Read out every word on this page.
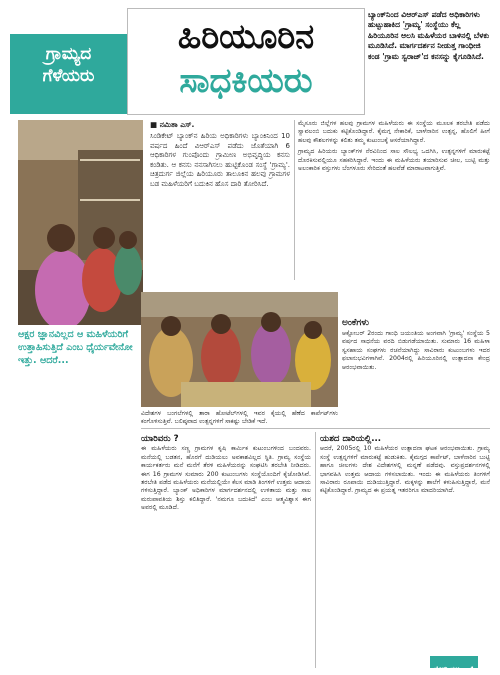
ಗ್ರಾಮ್ಯದ ಗೆಳೆಯರು
ಹಿರಿಯೂರಿನ
ಸಾಧಕಿಯರು
ಬ್ಯಾಂಕ್‌ನಿಂದ ವಿಆರ್‌ಎಸ್ ಪಡೆದ ಅಧಿಕಾರಿಗಳು ಹುಟ್ಟುಹಾಕಿದ 'ಗ್ರಾಮ್ಯ' ಸಂಸ್ಥೆಯು ಕೆಲ್ಲ ಹಿರಿಯೂರಿನ ಆಲಸಿ ಮಹಿಳೆಯರ ಬಾಳಿನಲ್ಲಿ ಬೆಳಕು ಮೂಡಿಸಿದೆ. ಮಾರ್ಗದರ್ಶನ ನೀಡುತ್ತ ಗಾಂಧೀಜಿ ಕಂಡ 'ಗ್ರಾಮ ಸ್ವರಾಜ್'ದ ಕನಸನ್ನು ಕೈಗೂಡಿಸಿದೆ.
■ ನಮಿತಾ ಎಸ್.

ಸಿಂಡಿಕೇಟ್ ಬ್ಯಾಂಕ್‌ನ ಹಿರಿಯ ಅಧಿಕಾರಿಗಳು ಬ್ಯಾಂಕಿನಿಂದ 10 ವರ್ಷದ ಹಿಂದೆ ವಿಆರ್‌ಎಸ್ ಪಡೆದು ಜೊತೆಯಾಗಿ 6 ಆಧಿಕಾರಿಗಳ ಗುಂಪೊಂದು ಗ್ರಾಮೀಣ ಅಭಿವೃದ್ಧಿಯ ಕನಸು ಕಂಡಿತು. ಆ ಕನಸು ನನಸಾಗಿಸಲು ಹುಟ್ಟಿಕೊಂಡ ಸಂಸ್ಥೆ 'ಗ್ರಾಮ್ಯ'. ಚಿತ್ರದುರ್ಗ ಜಿಲ್ಲೆಯ ಹಿರಿಯೂರು ತಾಲೂಕಿನ ಹಲವು ಗ್ರಾಮಗಳ ಬಡ ಮಹಿಳೆಯರಿಗೆ ಬದುಕಿನ ಹೊಸ ದಾರಿ ತೋರಿಸಿದೆ.

ಮೈಸೂರು ಜಿಲ್ಲೆಗಳ ಹಲವು ಗ್ರಾಮಗಳ ಮಹಿಳೆಯರು ಈ ಸಂಸ್ಥೆಯ ಮೂಲಕ ತರಬೇತಿ ಪಡೆದು ಸ್ವಾವಲಂಬಿ ಬದುಕು ಕಟ್ಟಿಕೊಂಡಿದ್ದಾರೆ. ಕೈಮಗ್ಗ ನೇಕಾರಿಕೆ, ಬಾಳೆನಾರಿನ ಉತ್ಪನ್ನ, ಹೊಲಿಗೆ ಹೀಗೆ ಹಲವು ಕೌಶಲಗಳನ್ನು ಕಲಿತು ತಮ್ಮ ಕುಟುಂಬಕ್ಕೆ ಆಸರೆಯಾಗಿದ್ದಾರೆ.

ಗ್ರಾಮ್ಯದ ಹಿರಿಯರು ಬ್ಯಾಂಕ್‌ಗಳ ನೆರವಿನಿಂದ ಸಾಲ ಸೌಲಭ್ಯ ಒದಗಿಸಿ, ಉತ್ಪನ್ನಗಳಿಗೆ ಮಾರುಕಟ್ಟೆ ದೊರಕಿಸುವಲ್ಲಿಯೂ ಸಹಕರಿಸಿದ್ದಾರೆ. ಇಂದು ಈ ಮಹಿಳೆಯರು ತಯಾರಿಸುವ ಚೀಲ, ಬುಟ್ಟಿ ಮತ್ತು ಅಲಂಕಾರಿಕ ವಸ್ತುಗಳು ಬೆಂಗಳೂರು ಸೇರಿದಂತೆ ಹಲವೆಡೆ ಮಾರಾಟವಾಗುತ್ತಿವೆ.

ಆಕ್ಷರ ಜ್ಞಾನವಿಲ್ಲದ ಆ ಮಹಿಳೆಯರಿಗೆ ಉತ್ತಾಹಿಸುತ್ತಿದೆ ಎಂಬ ಧೈರ್ಯವೇನೋ ಇತ್ತು. ಆದರೆ...
ಅಂಕೆಗಳು
ಆಕ್ಟೋಬರ್ 2ರಂದು ಗಾಂಧಿ ಜಯಂತಿಯ ಅಂಗವಾಗಿ 'ಗ್ರಾಮ್ಯ' ಸಂಸ್ಥೆಯ 5 ವರ್ಷದ ಸಾಧನೆಯ ವರದಿ ಬಿಡುಗಡೆಯಾಯಿತು. ಸುಮಾರು 16 ಮಹಿಳಾ ಸ್ವಸಹಾಯ ಸಂಘಗಳು ರಚನೆಯಾಗಿದ್ದು ಸಾವಿರಾರು ಕುಟುಂಬಗಳು ಇದರ ಫಲಾನುಭವಿಗಳಾಗಿವೆ. 2004ರಲ್ಲಿ ಹಿರಿಯೂರಿನಲ್ಲಿ ಉತ್ಪಾದನಾ ಕೇಂದ್ರ ಆರಂಭವಾಯಿತು.
ವಿದೇಶಗಳ ಬಂಗಲೆಗಳಲ್ಲಿ ತಾರಾ ಹೋಟೆಲ್‌ಗಳಲ್ಲಿ ಇವರ ಕೈಯಲ್ಲಿ ಹೆಣೆದ ಕಾರ್ಪೆಟ್‌ಗಳು ಕಂಗೊಳಿಸುತ್ತಿವೆ. ಬಲಿಷ್ಠವಾದ ಉತ್ಪನ್ನಗಳಿಗೆ ಸಾಕಷ್ಟು ಬೇಡಿಕೆ ಇದೆ.
ಯಾರಿವರು ?

ಈ ಮಹಿಳೆಯರು ಸಣ್ಣ ಗ್ರಾಮಗಳ ಕೃಷಿ ಕಾರ್ಮಿಕ ಕುಟುಂಬಗಳಿಂದ ಬಂದವರು. ಮನೆಯಲ್ಲಿ ಬಡತನ, ಹೊರಗೆ ದುಡಿಯಲು ಅವಕಾಶವಿಲ್ಲದ ಸ್ಥಿತಿ. ಗ್ರಾಮ್ಯ ಸಂಸ್ಥೆಯ ಕಾರ್ಯಕರ್ತರು ಮನೆ ಮನೆಗೆ ತೆರಳಿ ಮಹಿಳೆಯರನ್ನು ಸಂಘಟಿಸಿ ತರಬೇತಿ ನೀಡಿದರು. ಈಗ 16 ಗ್ರಾಮಗಳ ಸುಮಾರು 200 ಕುಟುಂಬಗಳು ಸಂಸ್ಥೆಯೊಂದಿಗೆ ಕೈಜೋಡಿಸಿವೆ. ತರಬೇತಿ ಪಡೆದ ಮಹಿಳೆಯರು ಮನೆಯಲ್ಲಿಯೇ ಕೆಲಸ ಮಾಡಿ ತಿಂಗಳಿಗೆ ಉತ್ತಮ ಆದಾಯ ಗಳಿಸುತ್ತಿದ್ದಾರೆ. ಬ್ಯಾಂಕ್ ಅಧಿಕಾರಿಗಳ ಮಾರ್ಗದರ್ಶನದಲ್ಲಿ ಉಳಿತಾಯ ಮತ್ತು ಸಾಲ ಮರುಪಾವತಿಯ ಶಿಸ್ತು ಕಲಿತಿದ್ದಾರೆ. 'ನಮಗೂ ಬದುಕಿದೆ' ಎಂಬ ಆತ್ಮವಿಶ್ವಾಸ ಈಗ ಅವರಲ್ಲಿ ಮೂಡಿದೆ.

ಯಶದ ದಾರಿಯಲ್ಲಿ...

ಆದರೆ, 2005ರಲ್ಲಿ 10 ಮಹಿಳೆಯರ ಉತ್ಪಾದನಾ ಘಟಕ ಆರಂಭವಾಯಿತು. ಗ್ರಾಮ್ಯ ಸಂಸ್ಥೆ ಉತ್ಪನ್ನಗಳಿಗೆ ಮಾರುಕಟ್ಟೆ ಹುಡುಕಿತು. ಕೈಮಗ್ಗದ ಕಾರ್ಪೆಟ್, ಬಾಳೆನಾರಿನ ಬುಟ್ಟಿ ಹಾಗೂ ಚೀಲಗಳು ದೇಶ ವಿದೇಶಗಳಲ್ಲಿ ಮನ್ನಣೆ ಪಡೆದವು. ವಸ್ತುಪ್ರದರ್ಶನಗಳಲ್ಲಿ ಭಾಗವಹಿಸಿ ಉತ್ತಮ ಆದಾಯ ಗಳಿಸಲಾಯಿತು. ಇಂದು ಈ ಮಹಿಳೆಯರು ತಿಂಗಳಿಗೆ ಸಾವಿರಾರು ರೂಪಾಯಿ ದುಡಿಯುತ್ತಿದ್ದಾರೆ. ಮಕ್ಕಳನ್ನು ಶಾಲೆಗೆ ಕಳುಹಿಸುತ್ತಿದ್ದಾರೆ, ಮನೆ ಕಟ್ಟಿಕೊಂಡಿದ್ದಾರೆ. ಗ್ರಾಮ್ಯದ ಈ ಪ್ರಯತ್ನ ಇತರರಿಗೂ ಮಾದರಿಯಾಗಿದೆ.

ನೋಡಿ ಪುಟ... 4
